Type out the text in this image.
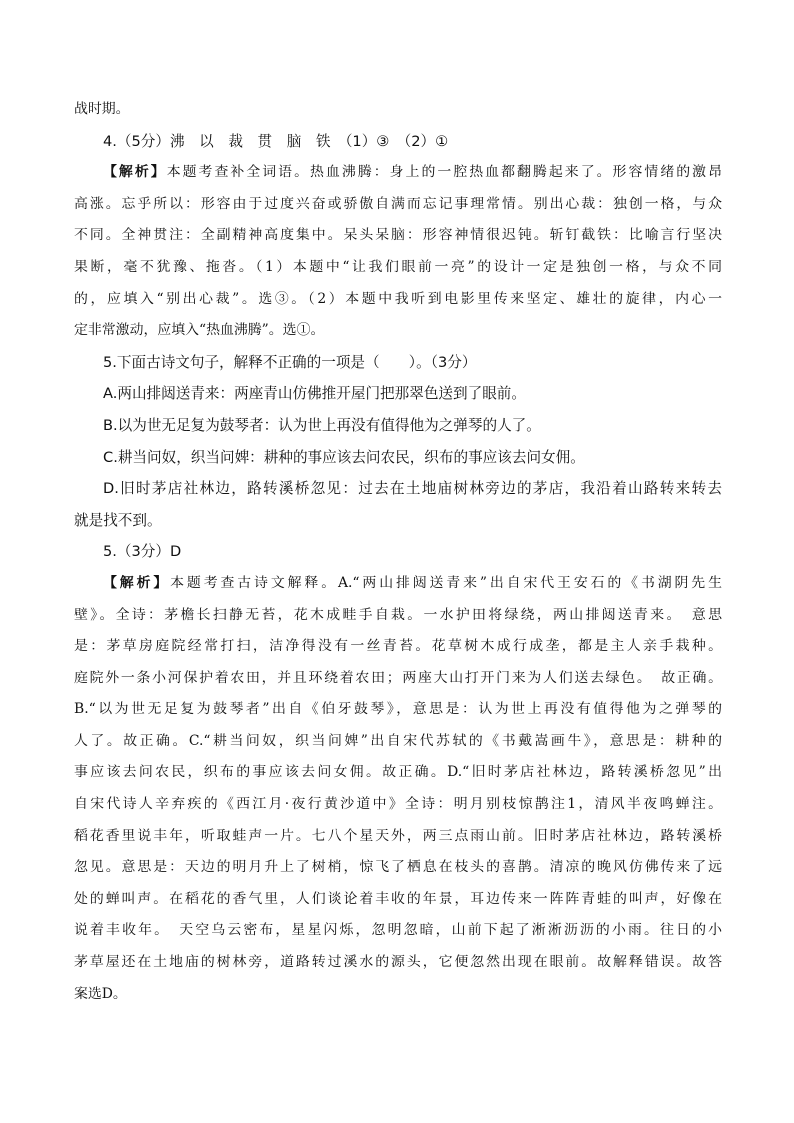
战时期。
4.（5分）沸　以　裁　贯　脑　铁　（1）③　（2）①
【解析】本题考查补全词语。热血沸腾：身上的一腔热血都翻腾起来了。形容情绪的激昂
高涨。忘乎所以：形容由于过度兴奋或骄傲自满而忘记事理常情。别出心裁：独创一格，与众
不同。全神贯注：全副精神高度集中。呆头呆脑：形容神情很迟钝。斩钉截铁：比喻言行坚决
果断，毫不犹豫、拖沓。（1）本题中“让我们眼前一亮”的设计一定是独创一格，与众不同
的，应填入“别出心裁”。选③。（2）本题中我听到电影里传来坚定、雄壮的旋律，内心一
定非常激动，应填入“热血沸腾”。选①。
5.下面古诗文句子，解释不正确的一项是（　　）。（3分）
A.两山排闼送青来：两座青山仿佛推开屋门把那翠色送到了眼前。
B.以为世无足复为鼓琴者：认为世上再没有值得他为之弹琴的人了。
C.耕当问奴，织当问婢：耕种的事应该去问农民，织布的事应该去问女佣。
D.旧时茅店社林边，路转溪桥忽见：过去在土地庙树林旁边的茅店，我沿着山路转来转去
就是找不到。
5.（3分）D
【解析】本题考查古诗文解释。A.“两山排闼送青来”出自宋代王安石的《书湖阴先生
壁》。全诗：茅檐长扫静无苔，花木成畦手自栽。一水护田将绿绕，两山排闼送青来。　意思
是：茅草房庭院经常打扫，洁净得没有一丝青苔。花草树木成行成垄，都是主人亲手栽种。
庭院外一条小河保护着农田，并且环绕着农田；两座大山打开门来为人们送去绿色。　故正确。
B.“以为世无足复为鼓琴者”出自《伯牙鼓琴》，意思是：认为世上再没有值得他为之弹琴的
人了。故正确。C.“耕当问奴，织当问婢”出自宋代苏轼的《书戴嵩画牛》，意思是：耕种的
事应该去问农民，织布的事应该去问女佣。故正确。D.“旧时茅店社林边，路转溪桥忽见”出
自宋代诗人辛弃疾的《西江月·夜行黄沙道中》全诗：明月别枝惊鹊注1，清风半夜鸣蝉注。
稻花香里说丰年，听取蛙声一片。七八个星天外，两三点雨山前。旧时茅店社林边，路转溪桥
忽见。意思是：天边的明月升上了树梢，惊飞了栖息在枝头的喜鹊。清凉的晚风仿佛传来了远
处的蝉叫声。在稻花的香气里，人们谈论着丰收的年景，耳边传来一阵阵青蛙的叫声，好像在
说着丰收年。　天空乌云密布，星星闪烁，忽明忽暗，山前下起了淅淅沥沥的小雨。往日的小
茅草屋还在土地庙的树林旁，道路转过溪水的源头，它便忽然出现在眼前。故解释错误。故答
案选D。
